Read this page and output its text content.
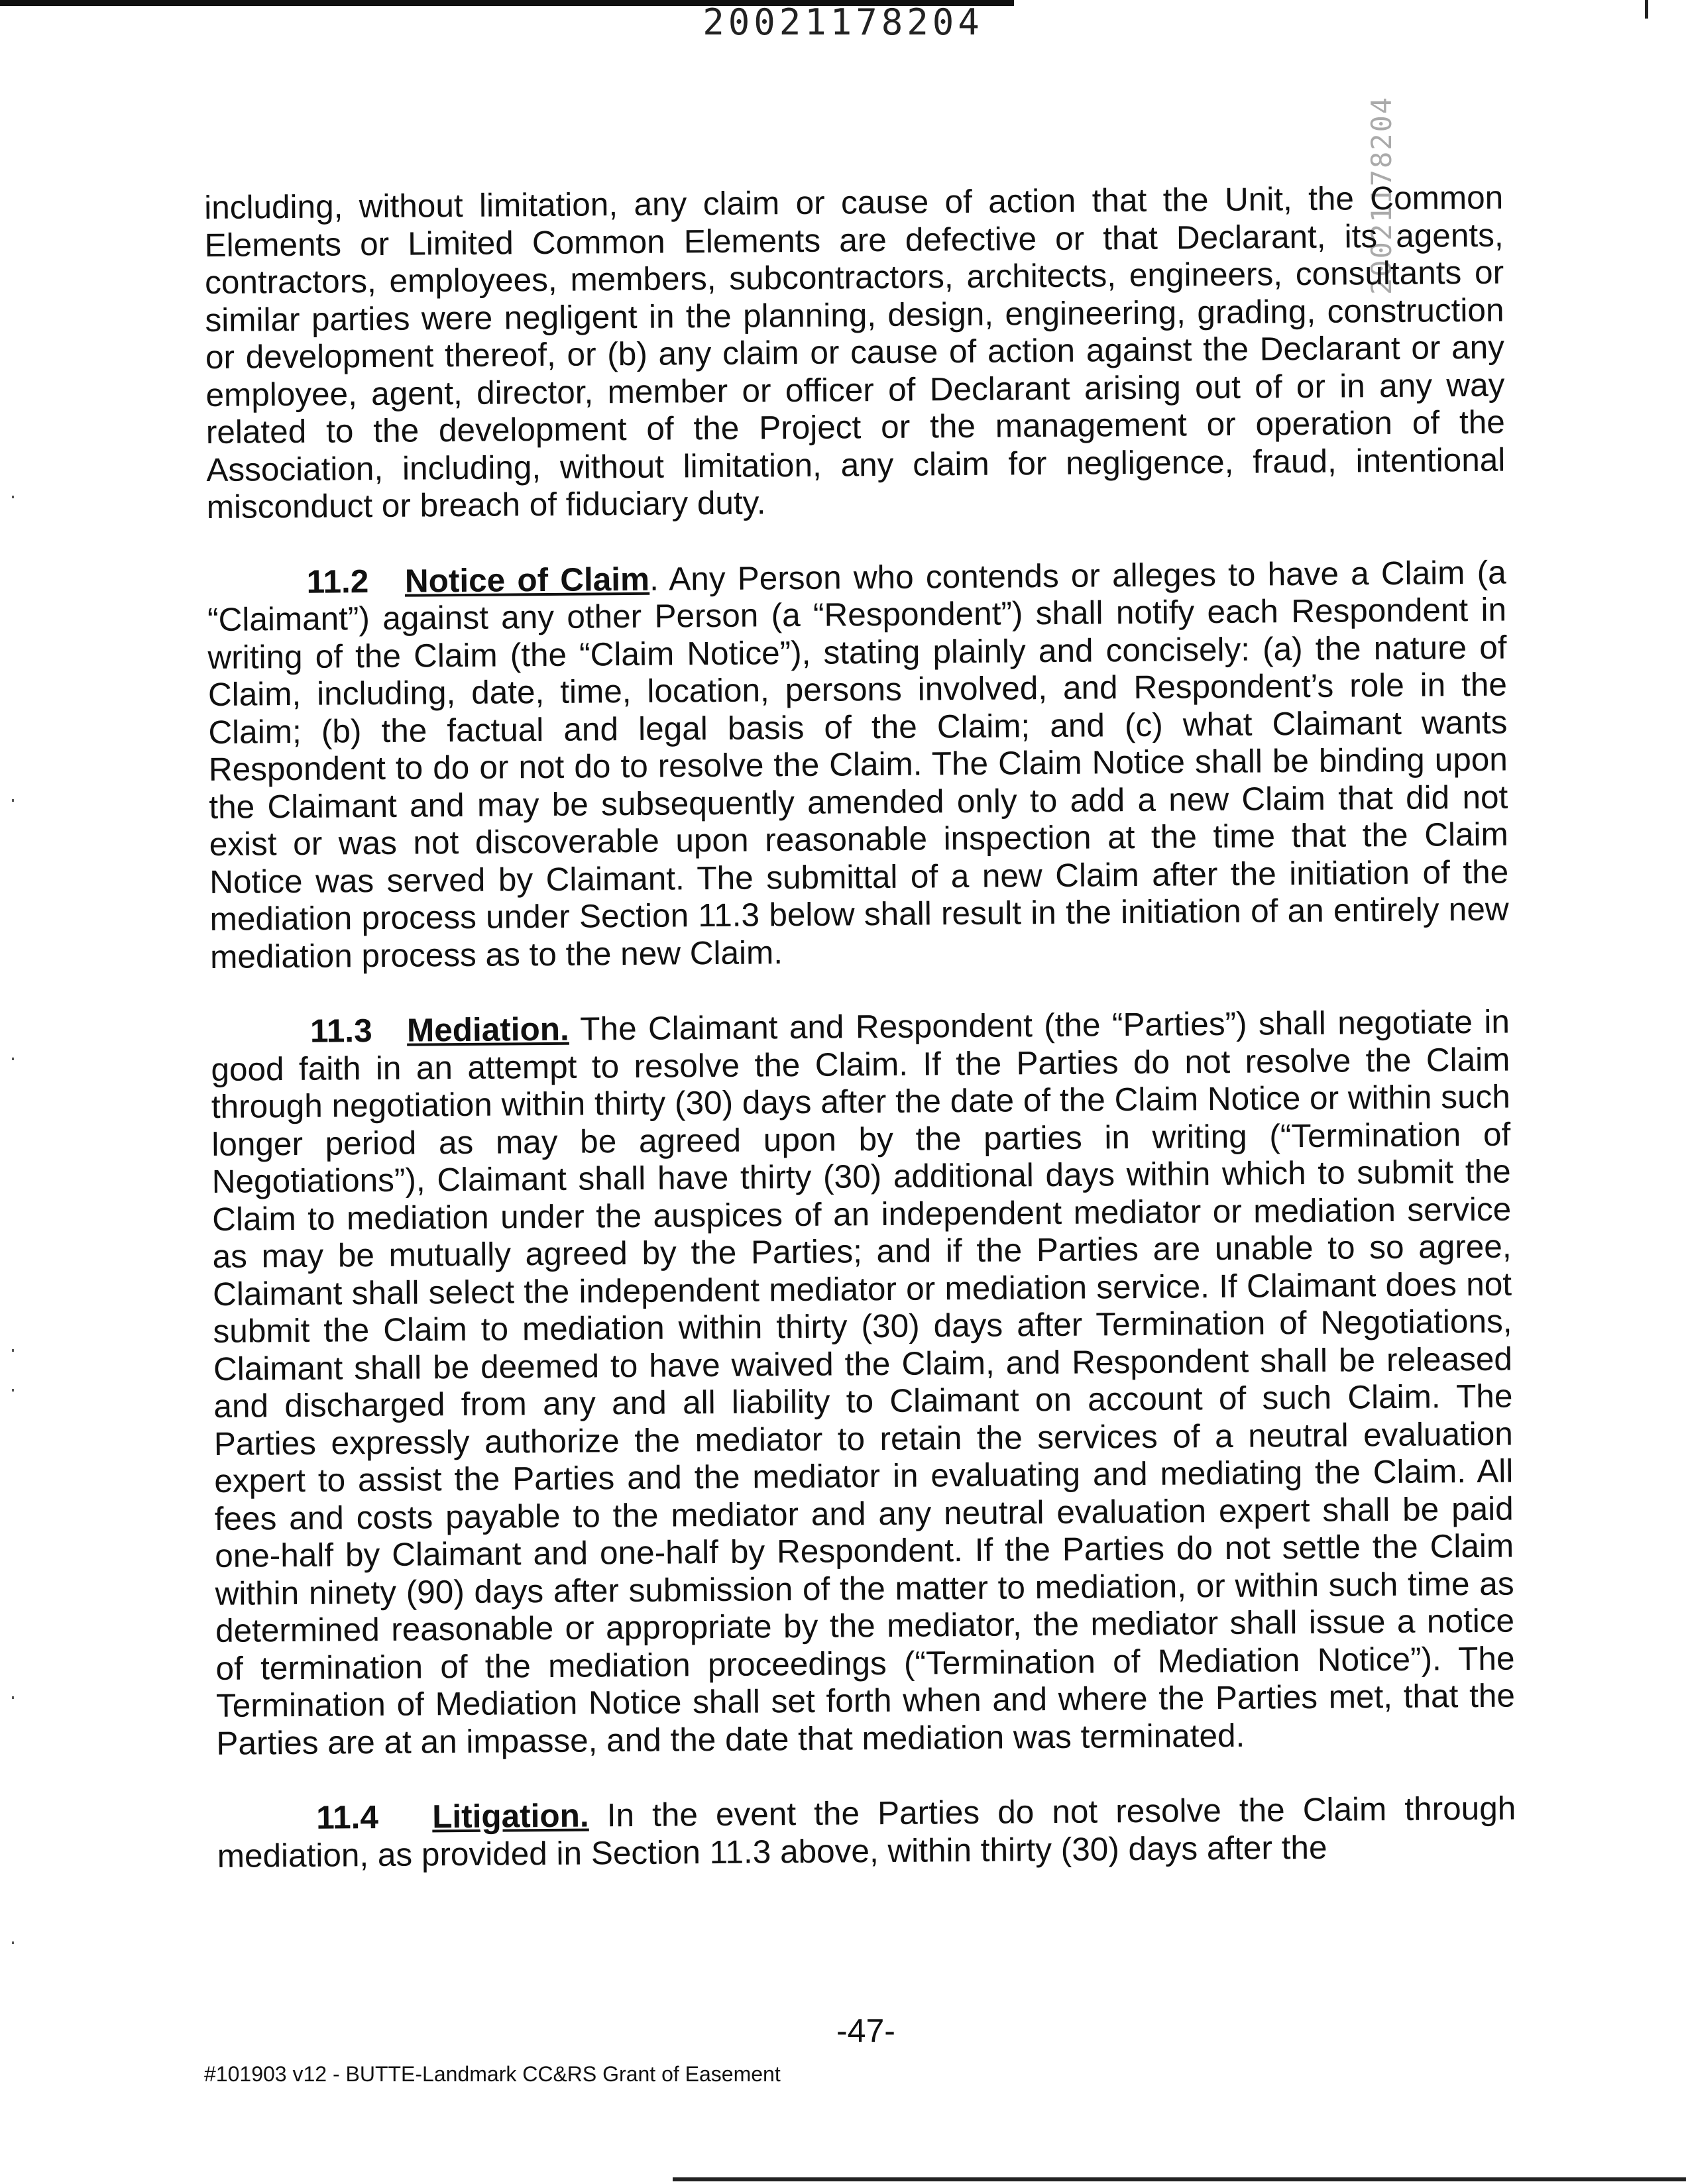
20021178204
20021178204

including, without limitation, any claim or cause of action that the Unit, the Common Elements or Limited Common Elements are defective or that Declarant, its agents, contractors, employees, members, subcontractors, architects, engineers, consultants or similar parties were negligent in the planning, design, engineering, grading, construction or development thereof, or (b) any claim or cause of action against the Declarant or any employee, agent, director, member or officer of Declarant arising out of or in any way related to the development of the Project or the management or operation of the Association, including, without limitation, any claim for negligence, fraud, intentional misconduct or breach of fiduciary duty.

11.2 Notice of Claim. Any Person who contends or alleges to have a Claim (a “Claimant”) against any other Person (a “Respondent”) shall notify each Respondent in writing of the Claim (the “Claim Notice”), stating plainly and concisely: (a) the nature of Claim, including, date, time, location, persons involved, and Respondent’s role in the Claim; (b) the factual and legal basis of the Claim; and (c) what Claimant wants Respondent to do or not do to resolve the Claim. The Claim Notice shall be binding upon the Claimant and may be subsequently amended only to add a new Claim that did not exist or was not discoverable upon reasonable inspection at the time that the Claim Notice was served by Claimant. The submittal of a new Claim after the initiation of the mediation process under Section 11.3 below shall result in the initiation of an entirely new mediation process as to the new Claim.

11.3 Mediation. The Claimant and Respondent (the “Parties”) shall negotiate in good faith in an attempt to resolve the Claim. If the Parties do not resolve the Claim through negotiation within thirty (30) days after the date of the Claim Notice or within such longer period as may be agreed upon by the parties in writing (“Termination of Negotiations”), Claimant shall have thirty (30) additional days within which to submit the Claim to mediation under the auspices of an independent mediator or mediation service as may be mutually agreed by the Parties; and if the Parties are unable to so agree, Claimant shall select the independent mediator or mediation service. If Claimant does not submit the Claim to mediation within thirty (30) days after Termination of Negotiations, Claimant shall be deemed to have waived the Claim, and Respondent shall be released and discharged from any and all liability to Claimant on account of such Claim. The Parties expressly authorize the mediator to retain the services of a neutral evaluation expert to assist the Parties and the mediator in evaluating and mediating the Claim. All fees and costs payable to the mediator and any neutral evaluation expert shall be paid one-half by Claimant and one-half by Respondent. If the Parties do not settle the Claim within ninety (90) days after submission of the matter to mediation, or within such time as determined reasonable or appropriate by the mediator, the mediator shall issue a notice of termination of the mediation proceedings (“Termination of Mediation Notice”). The Termination of Mediation Notice shall set forth when and where the Parties met, that the Parties are at an impasse, and the date that mediation was terminated.

11.4 Litigation. In the event the Parties do not resolve the Claim through mediation, as provided in Section 11.3 above, within thirty (30) days after the

-47-
#101903 v12 - BUTTE-Landmark CC&RS Grant of Easement
